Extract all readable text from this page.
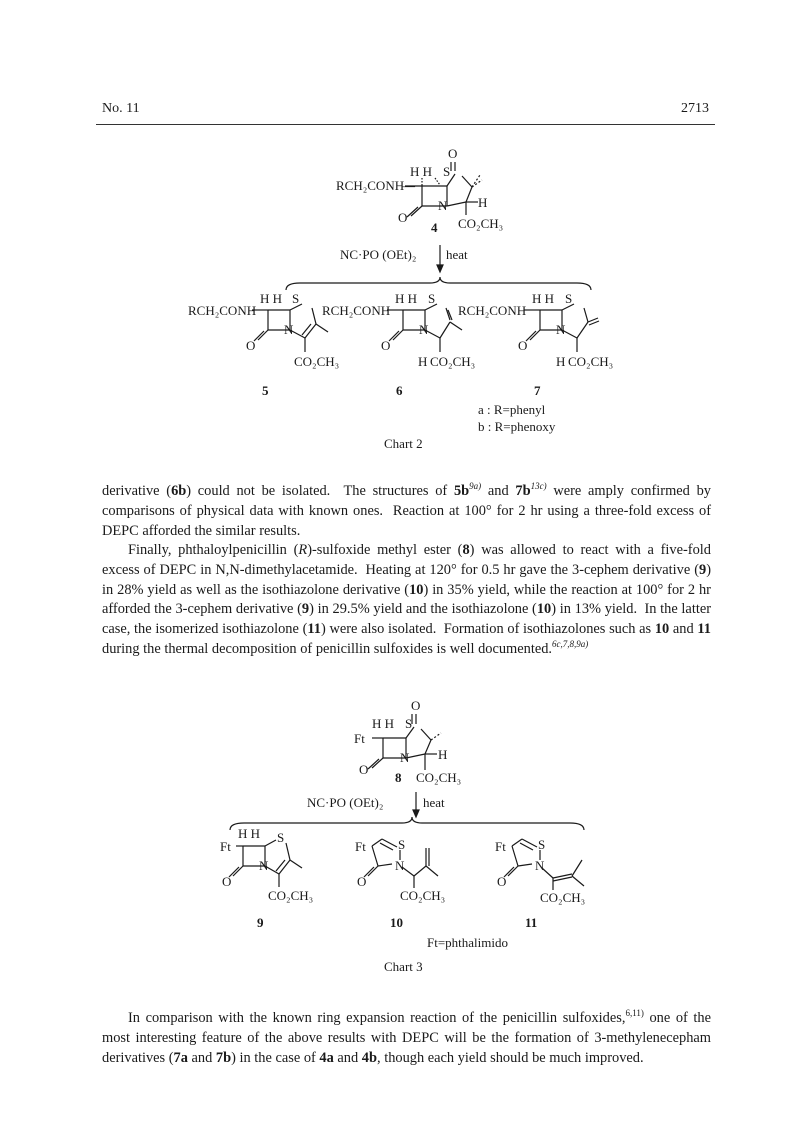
No. 11	2713
O
H H S
RCH₂CONH
—
N H
O	CO₂CH₃
4
NC·PO (OEt)₂ heat
H H S
RCH₂CONH
N
O
CO₂CH₃
5
H H S
RCH₂CONH
N
O
H CO₂CH₃
6
H H S
RCH₂CONH
N
O
H CO₂CH₃
7
a : R=phenyl
b : R=phenoxy
Chart 2

derivative (6b) could not be isolated.  The structures of $5b^{9a)}$ and $7b^{13c)}$ were amply confirmed by comparisons of physical data with known ones.  Reaction at 100° for 2 hr using a three-fold excess of DEPC afforded the similar results.

Finally, phthaloylpenicillin (R)-sulfoxide methyl ester (8) was allowed to react with a five-fold excess of DEPC in N,N-dimethylacetamide.  Heating at 120° for 0.5 hr gave the 3-cephem derivative (9) in 28% yield as well as the isothiazolone derivative (10) in 35% yield, while the reaction at 100° for 2 hr afforded the 3-cephem derivative (9) in 29.5% yield and the isothiazolone (10) in 13% yield.  In the latter case, the isomerized isothiazolone (11) were also isolated.  Formation of isothiazolones such as 10 and 11 during the thermal decomposition of penicillin sulfoxides is well documented.$^{6c,7,8,9a)}$

O
H H S
Ft
N H
O
8 CO₂CH₃
NC·PO (OEt)₂	heat
H H S
Ft
N
O
CO₂CH₃
9
Ft S
N
O
CO₂CH₃
10
Ft S
N
O
CO₂CH₃
11
Ft=phthalimido
Chart 3

In comparison with the known ring expansion reaction of the penicillin sulfoxides,$^{6,11)}$ one of the most interesting feature of the above results with DEPC will be the formation of 3-methylenecepham derivatives (7a and 7b) in the case of 4a and 4b, though each yield should be much improved.
